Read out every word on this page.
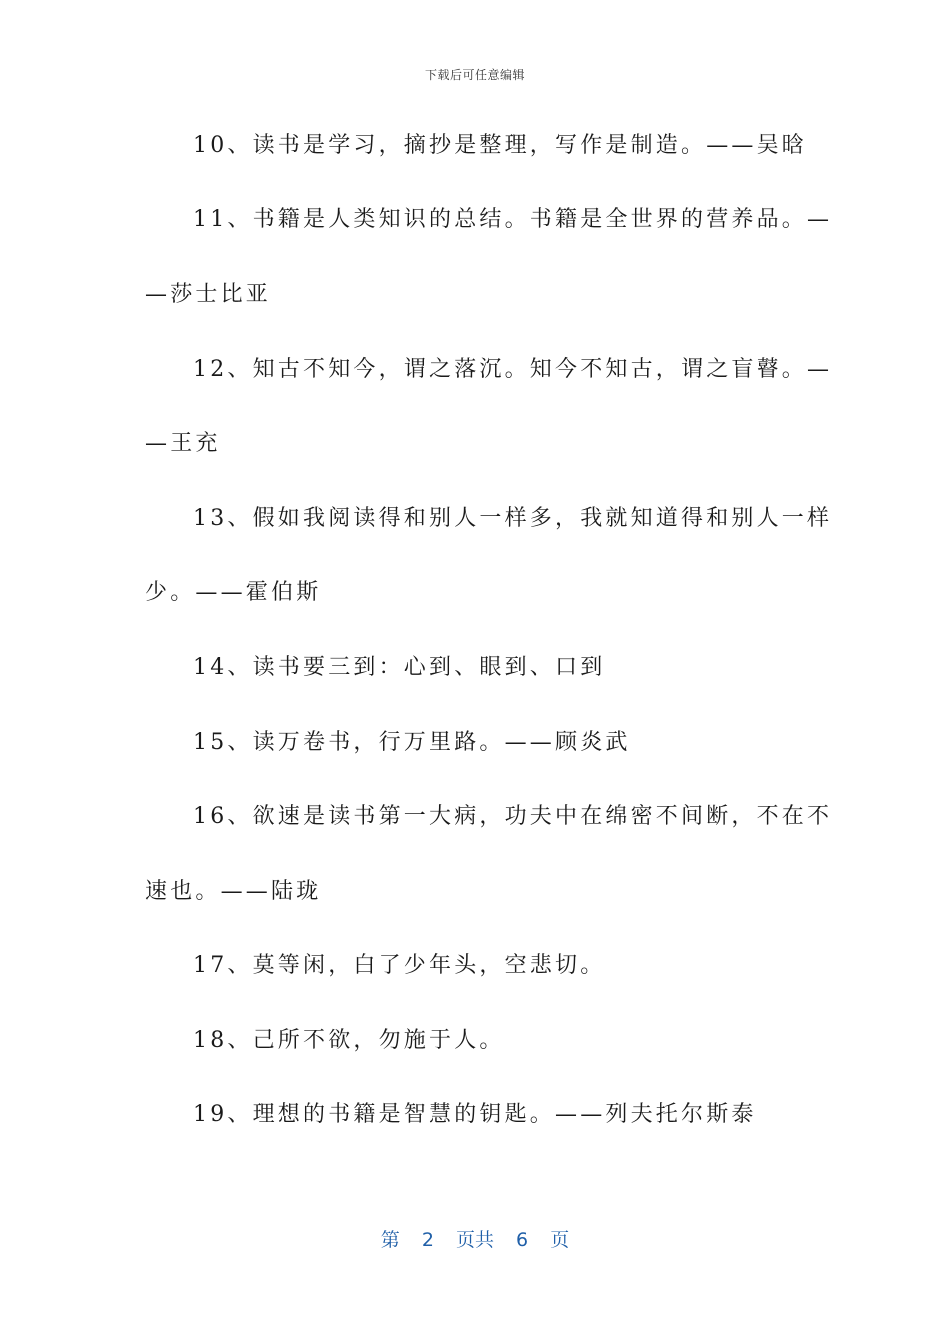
下载后可任意编辑
10、读书是学习，摘抄是整理，写作是制造。——吴晗
11、书籍是人类知识的总结。书籍是全世界的营养品。—
—莎士比亚
12、知古不知今，谓之落沉。知今不知古，谓之盲瞽。—
—王充
13、假如我阅读得和别人一样多，我就知道得和别人一样
少。——霍伯斯
14、读书要三到：心到、眼到、口到
15、读万卷书，行万里路。——顾炎武
16、欲速是读书第一大病，功夫中在绵密不间断，不在不
速也。——陆珑
17、莫等闲，白了少年头，空悲切。
18、己所不欲，勿施于人。
19、理想的书籍是智慧的钥匙。——列夫托尔斯泰
第 2 页共 6 页
